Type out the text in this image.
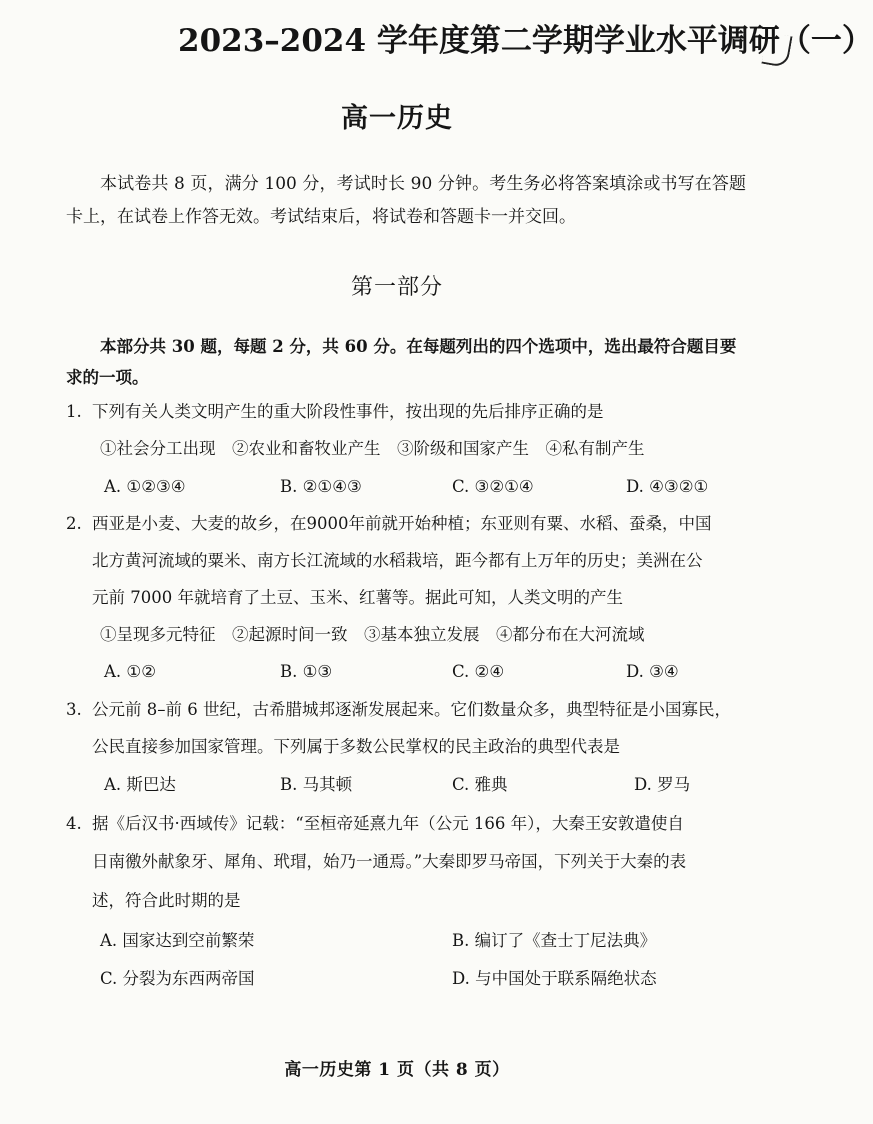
2023–2024 学年度第二学期学业水平调研（一）
高一历史
本试卷共 8 页，满分 100 分，考试时长 90 分钟。考生务必将答案填涂或书写在答题卡上，在试卷上作答无效。考试结束后，将试卷和答题卡一并交回。
第一部分
本部分共 30 题，每题 2 分，共 60 分。在每题列出的四个选项中，选出最符合题目要求的一项。
1. 下列有关人类文明产生的重大阶段性事件，按出现的先后排序正确的是
①社会分工出现　②农业和畜牧业产生　③阶级和国家产生　④私有制产生
A. ①②③④	B. ②①④③	C. ③②①④	D. ④③②①
2. 西亚是小麦、大麦的故乡，在9000年前就开始种植；东亚则有粟、水稻、蚕桑，中国
北方黄河流域的粟米、南方长江流域的水稻栽培，距今都有上万年的历史；美洲在公
元前 7000 年就培育了土豆、玉米、红薯等。据此可知，人类文明的产生
①呈现多元特征　②起源时间一致　③基本独立发展　④都分布在大河流域
A. ①②	B. ①③	C. ②④	D. ③④
3. 公元前 8–前 6 世纪，古希腊城邦逐渐发展起来。它们数量众多，典型特征是小国寡民，
公民直接参加国家管理。下列属于多数公民掌权的民主政治的典型代表是
A. 斯巴达	B. 马其顿	C. 雅典	D. 罗马
4. 据《后汉书·西域传》记载：“至桓帝延熹九年（公元 166 年），大秦王安敦遣使自
日南徼外献象牙、犀角、玳瑁，始乃一通焉。”大秦即罗马帝国，下列关于大秦的表
述，符合此时期的是
A. 国家达到空前繁荣	B. 编订了《查士丁尼法典》
C. 分裂为东西两帝国	D. 与中国处于联系隔绝状态
高一历史第 1 页（共 8 页）
